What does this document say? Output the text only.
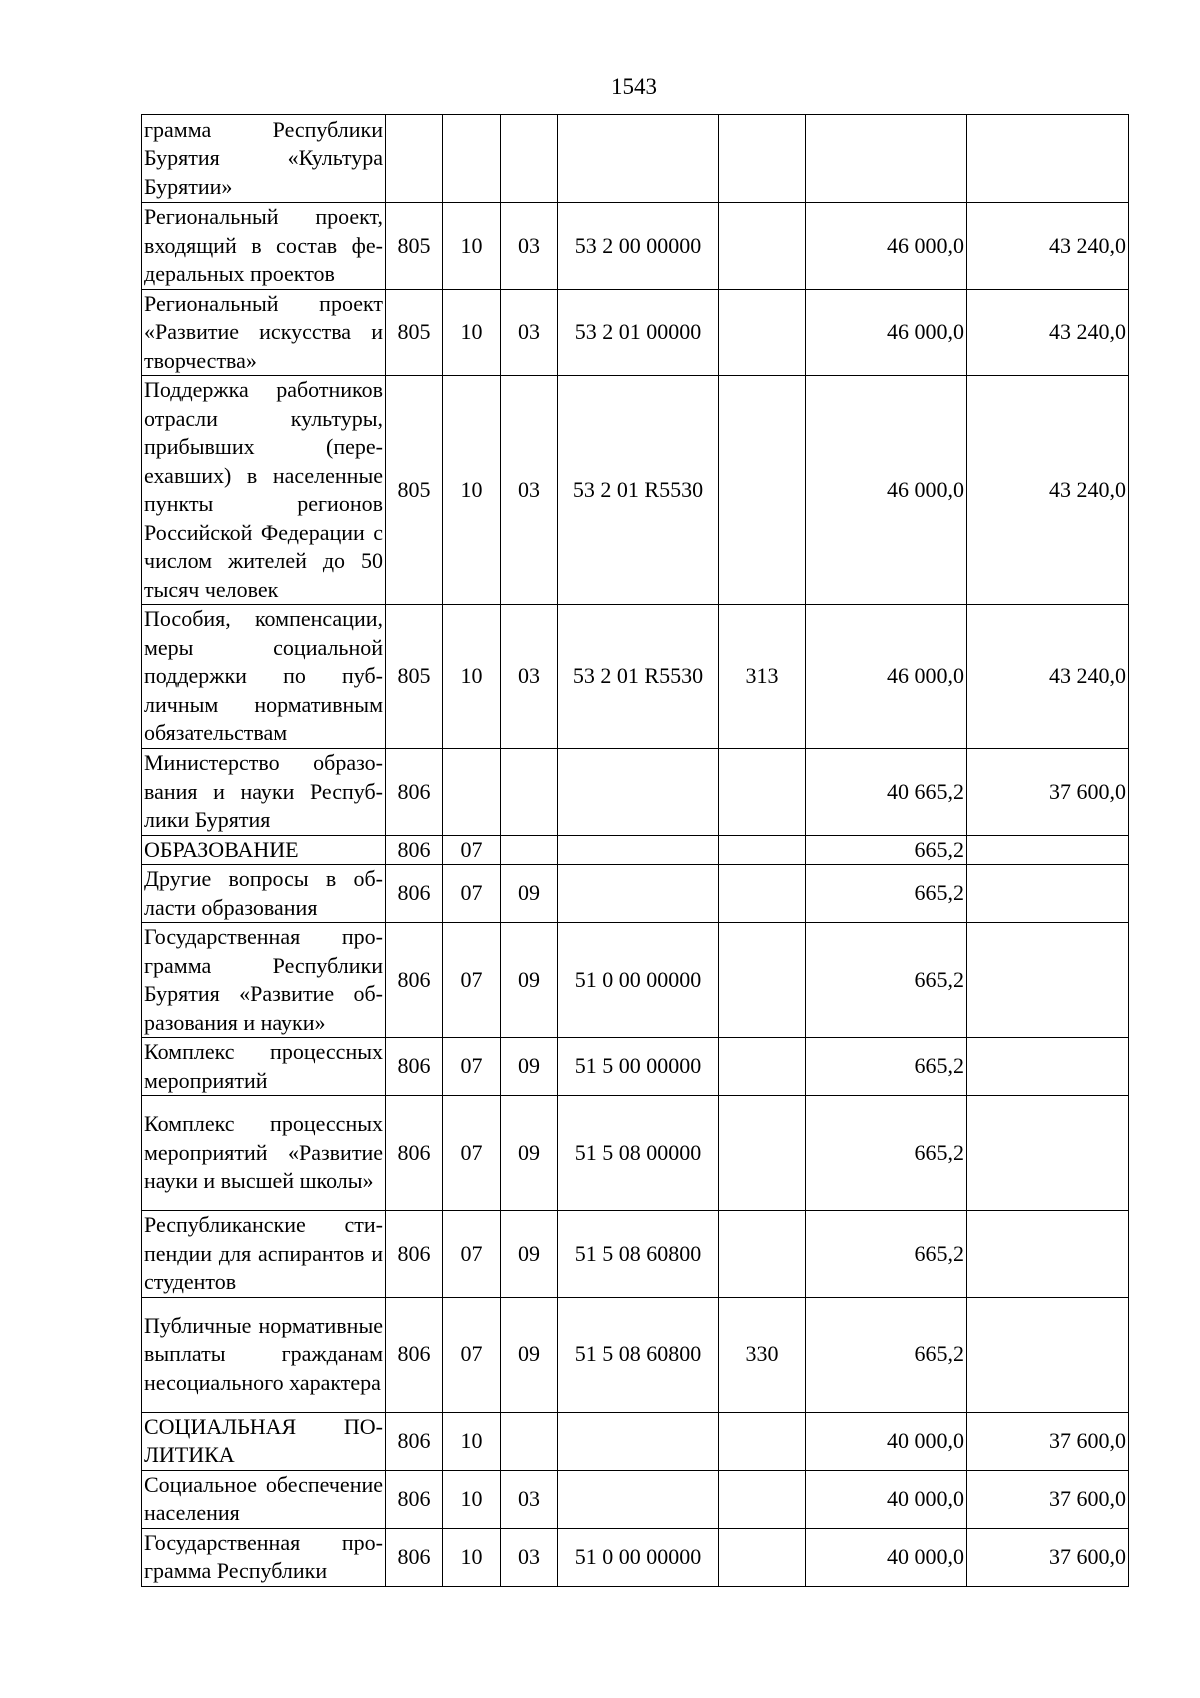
1543
грамма Республики Бурятия «Культура Бурятии»							
Региональный проект, входящий в состав федеральных проектов	805	10	03	53 2 00 00000		46 000,0	43 240,0
Региональный проект «Развитие искусства и творчества»	805	10	03	53 2 01 00000		46 000,0	43 240,0
Поддержка работников отрасли культуры, прибывших (переехавших) в населенные пункты регионов Российской Федерации с числом жителей до 50 тысяч человек	805	10	03	53 2 01 R5530		46 000,0	43 240,0
Пособия, компенсации, меры социальной поддержки по публичным нормативным обязательствам	805	10	03	53 2 01 R5530	313	46 000,0	43 240,0
Министерство образования и науки Республики Бурятия	806					40 665,2	37 600,0
ОБРАЗОВАНИЕ	806	07				665,2	
Другие вопросы в области образования	806	07	09			665,2	
Государственная программа Республики Бурятия «Развитие образования и науки»	806	07	09	51 0 00 00000		665,2	
Комплекс процессных мероприятий	806	07	09	51 5 00 00000		665,2	
Комплекс процессных мероприятий «Развитие науки и высшей школы»	806	07	09	51 5 08 00000		665,2	
Республиканские стипендии для аспирантов и студентов	806	07	09	51 5 08 60800		665,2	
Публичные нормативные выплаты гражданам несоциального характера	806	07	09	51 5 08 60800	330	665,2	
СОЦИАЛЬНАЯ ПОЛИТИКА	806	10				40 000,0	37 600,0
Социальное обеспечение населения	806	10	03			40 000,0	37 600,0
Государственная программа Республики	806	10	03	51 0 00 00000		40 000,0	37 600,0
